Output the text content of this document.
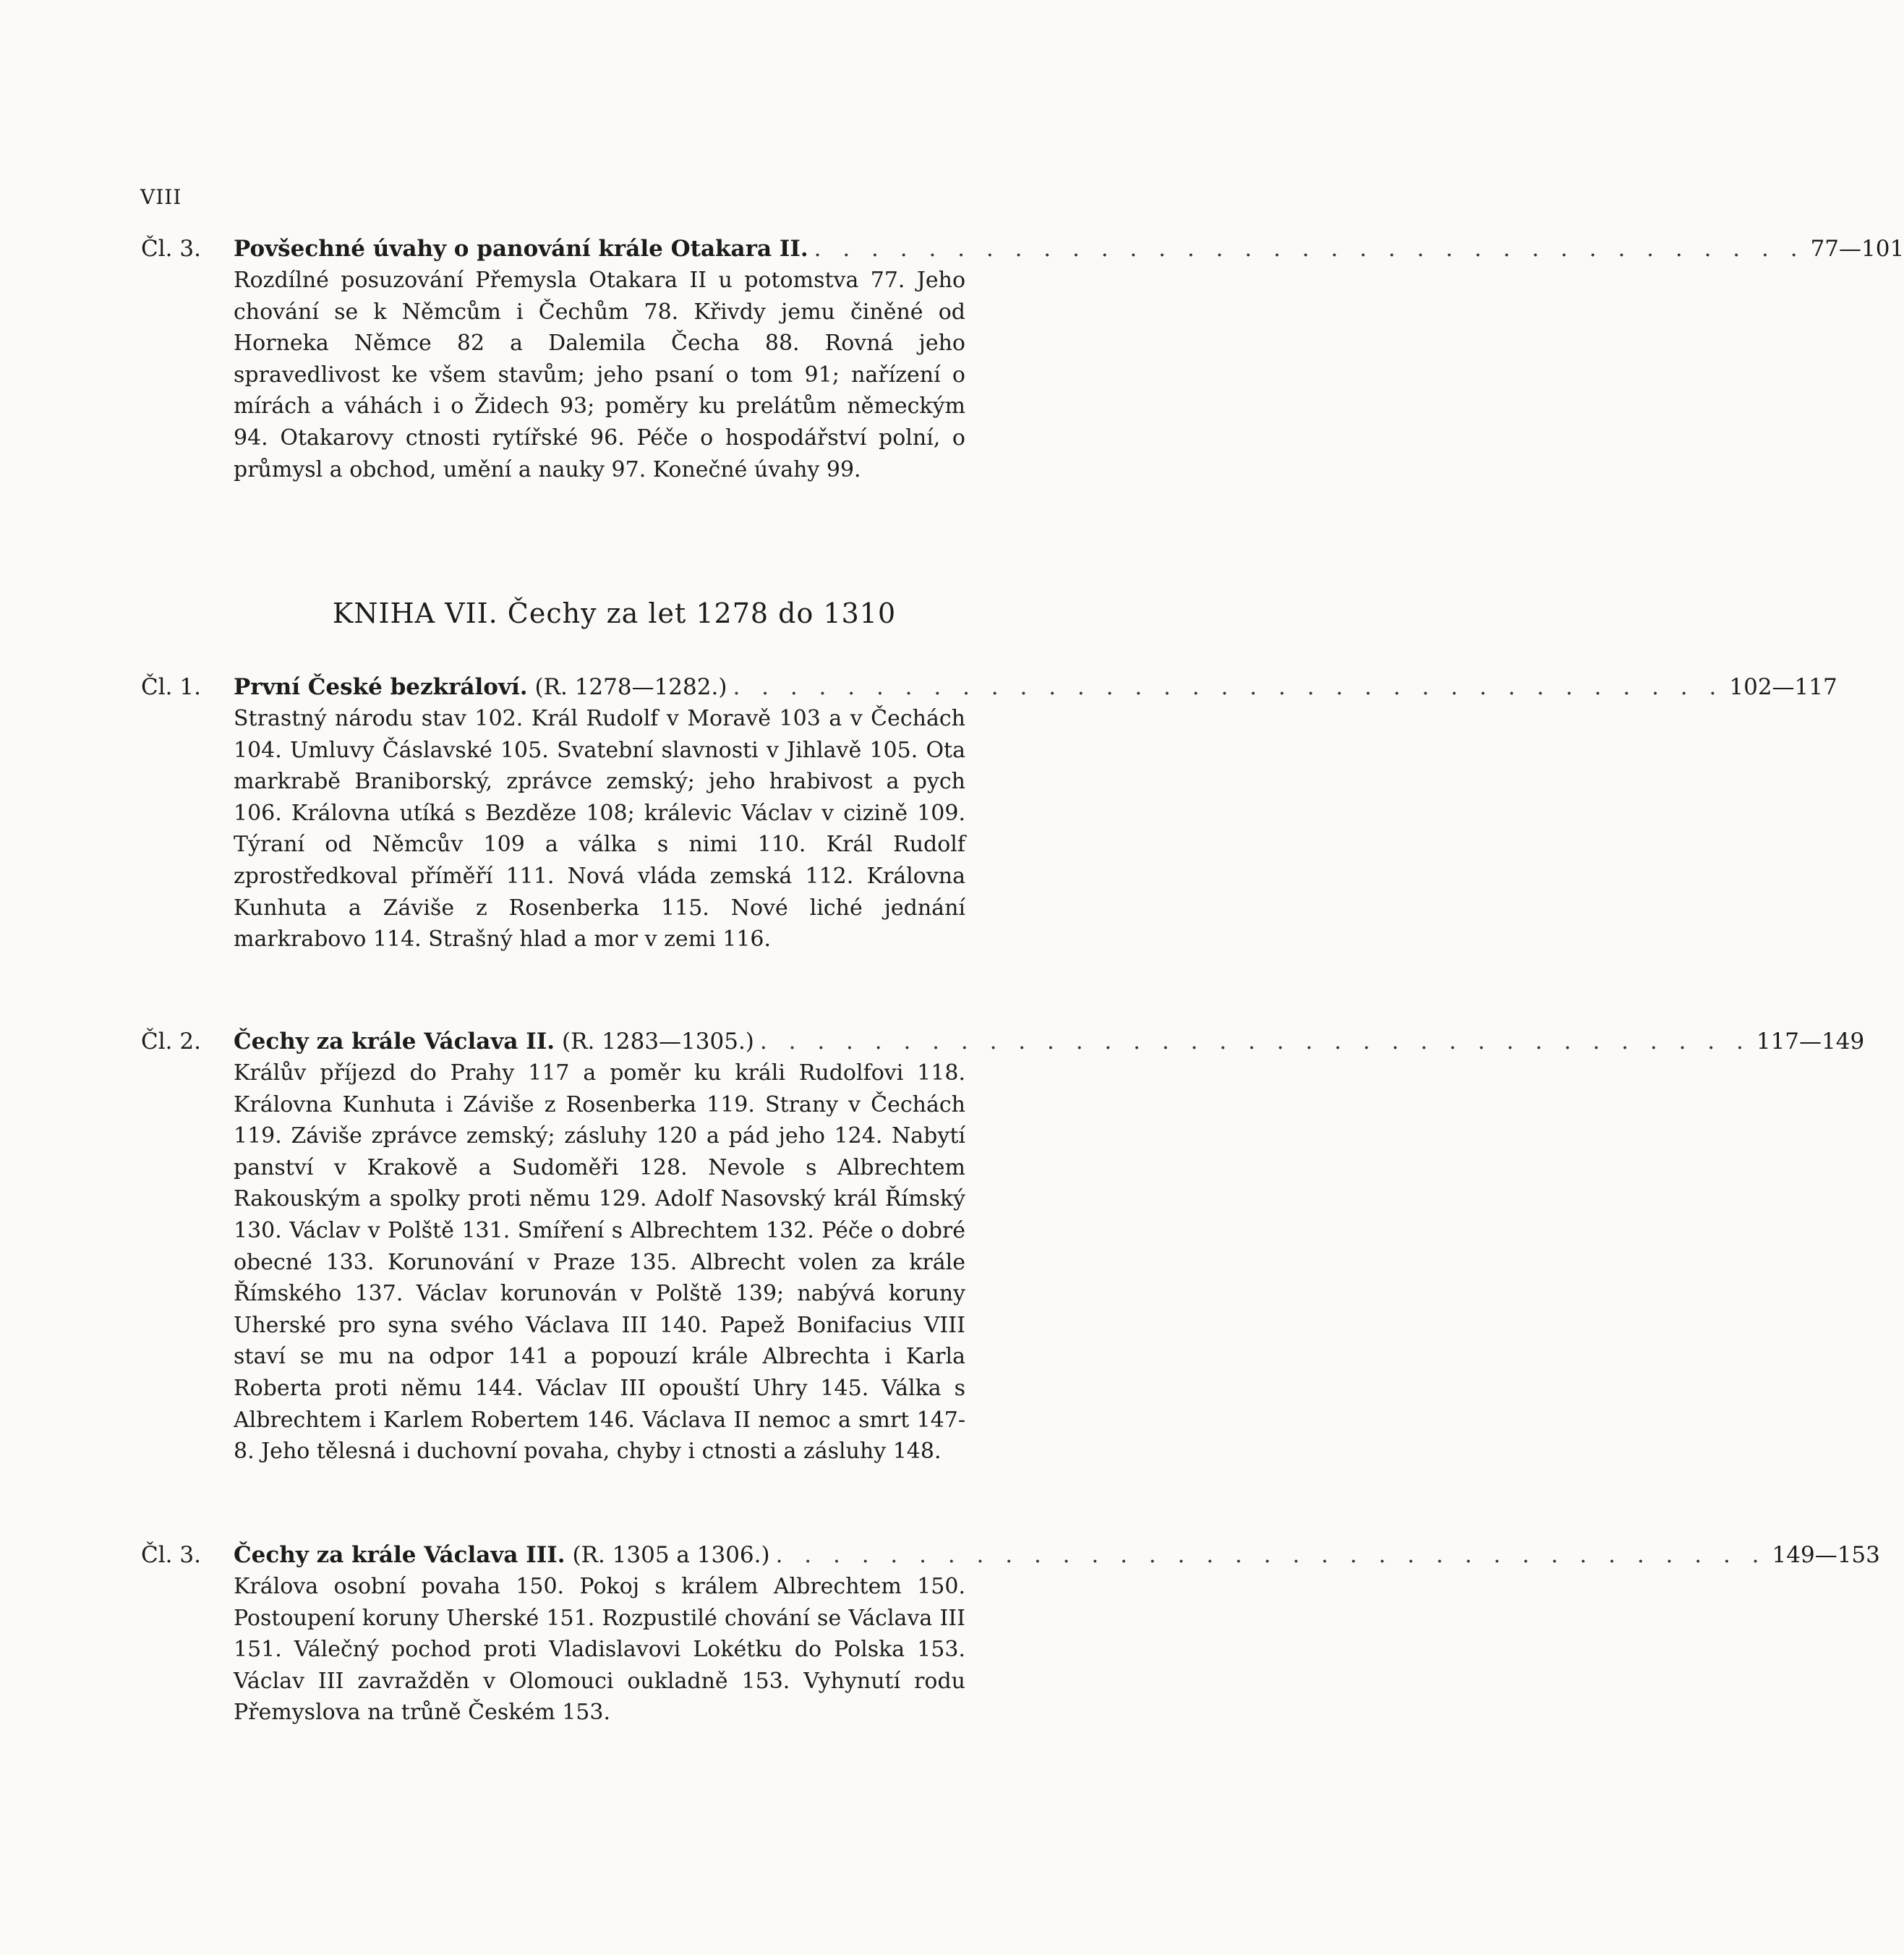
VIII
Čl. 3.	Povšechné úvahy o panování krále Otakara II. . . . . . . . . . . . . . . . . . . . . . . . . . . . . . . . . . . . 77—101
Rozdílné posuzování Přemysla Otakara II u potomstva 77. Jeho chování se k Němcům i Čechům 78. Křivdy jemu činěné od Horneka Němce 82 a Dalemila Čecha 88. Rovná jeho spravedlivost ke všem stavům; jeho psaní o tom 91; nařízení o mírách a váhách i o Židech 93; poměry ku prelátům německým 94. Otakarovy ctnosti rytířské 96. Péče o hospodářství polní, o průmysl a obchod, umění a nauky 97. Konečné úvahy 99.
KNIHA VII. Čechy za let 1278 do 1310
Čl. 1.	První České bezkráloví. (R. 1278—1282.) . . . . . . . . . . . . . . . . . . . . . . . . . . . . . . . . . . . 102—117
Strastný národu stav 102. Král Rudolf v Moravě 103 a v Čechách 104. Umluvy Čáslavské 105. Svatební slavnosti v Jihlavě 105. Ota markrabě Braniborský, zprávce zemský; jeho hrabivost a pych 106. Královna utíká s Bezděze 108; králevic Václav v cizině 109. Týraní od Němcův 109 a válka s nimi 110. Král Rudolf zprostředkoval příměří 111. Nová vláda zemská 112. Královna Kunhuta a Záviše z Rosenberka 115. Nové liché jednání markrabovo 114. Strašný hlad a mor v zemi 116.
Čl. 2.	Čechy za krále Václava II. (R. 1283—1305.) . . . . . . . . . . . . . . . . . . . . . . . . . . . . . . . . . . . 117—149
Králův příjezd do Prahy 117 a poměr ku králi Rudolfovi 118. Královna Kunhuta i Záviše z Rosenberka 119. Strany v Čechách 119. Záviše zprávce zemský; zásluhy 120 a pád jeho 124. Nabytí panství v Krakově a Sudoměři 128. Nevole s Albrechtem Rakouským a spolky proti němu 129. Adolf Nasovský král Římský 130. Václav v Polště 131. Smíření s Albrechtem 132. Péče o dobré obecné 133. Korunování v Praze 135. Albrecht volen za krále Římského 137. Václav korunován v Polště 139; nabývá koruny Uherské pro syna svého Václava III 140. Papež Bonifacius VIII staví se mu na odpor 141 a popouzí krále Albrechta i Karla Roberta proti němu 144. Václav III opouští Uhry 145. Válka s Albrechtem i Karlem Robertem 146. Václava II nemoc a smrt 147-8. Jeho tělesná i duchovní povaha, chyby i ctnosti a zásluhy 148.
Čl. 3.	Čechy za krále Václava III. (R. 1305 a 1306.) . . . . . . . . . . . . . . . . . . . . . . . . . . . . . . . . . . . 149—153
Králova osobní povaha 150. Pokoj s králem Albrechtem 150. Postoupení koruny Uherské 151. Rozpustilé chování se Václava III 151. Válečný pochod proti Vladislavovi Lokétku do Polska 153. Václav III zavražděn v Olomouci oukladně 153. Vyhynutí rodu Přemyslova na trůně Českém 153.
